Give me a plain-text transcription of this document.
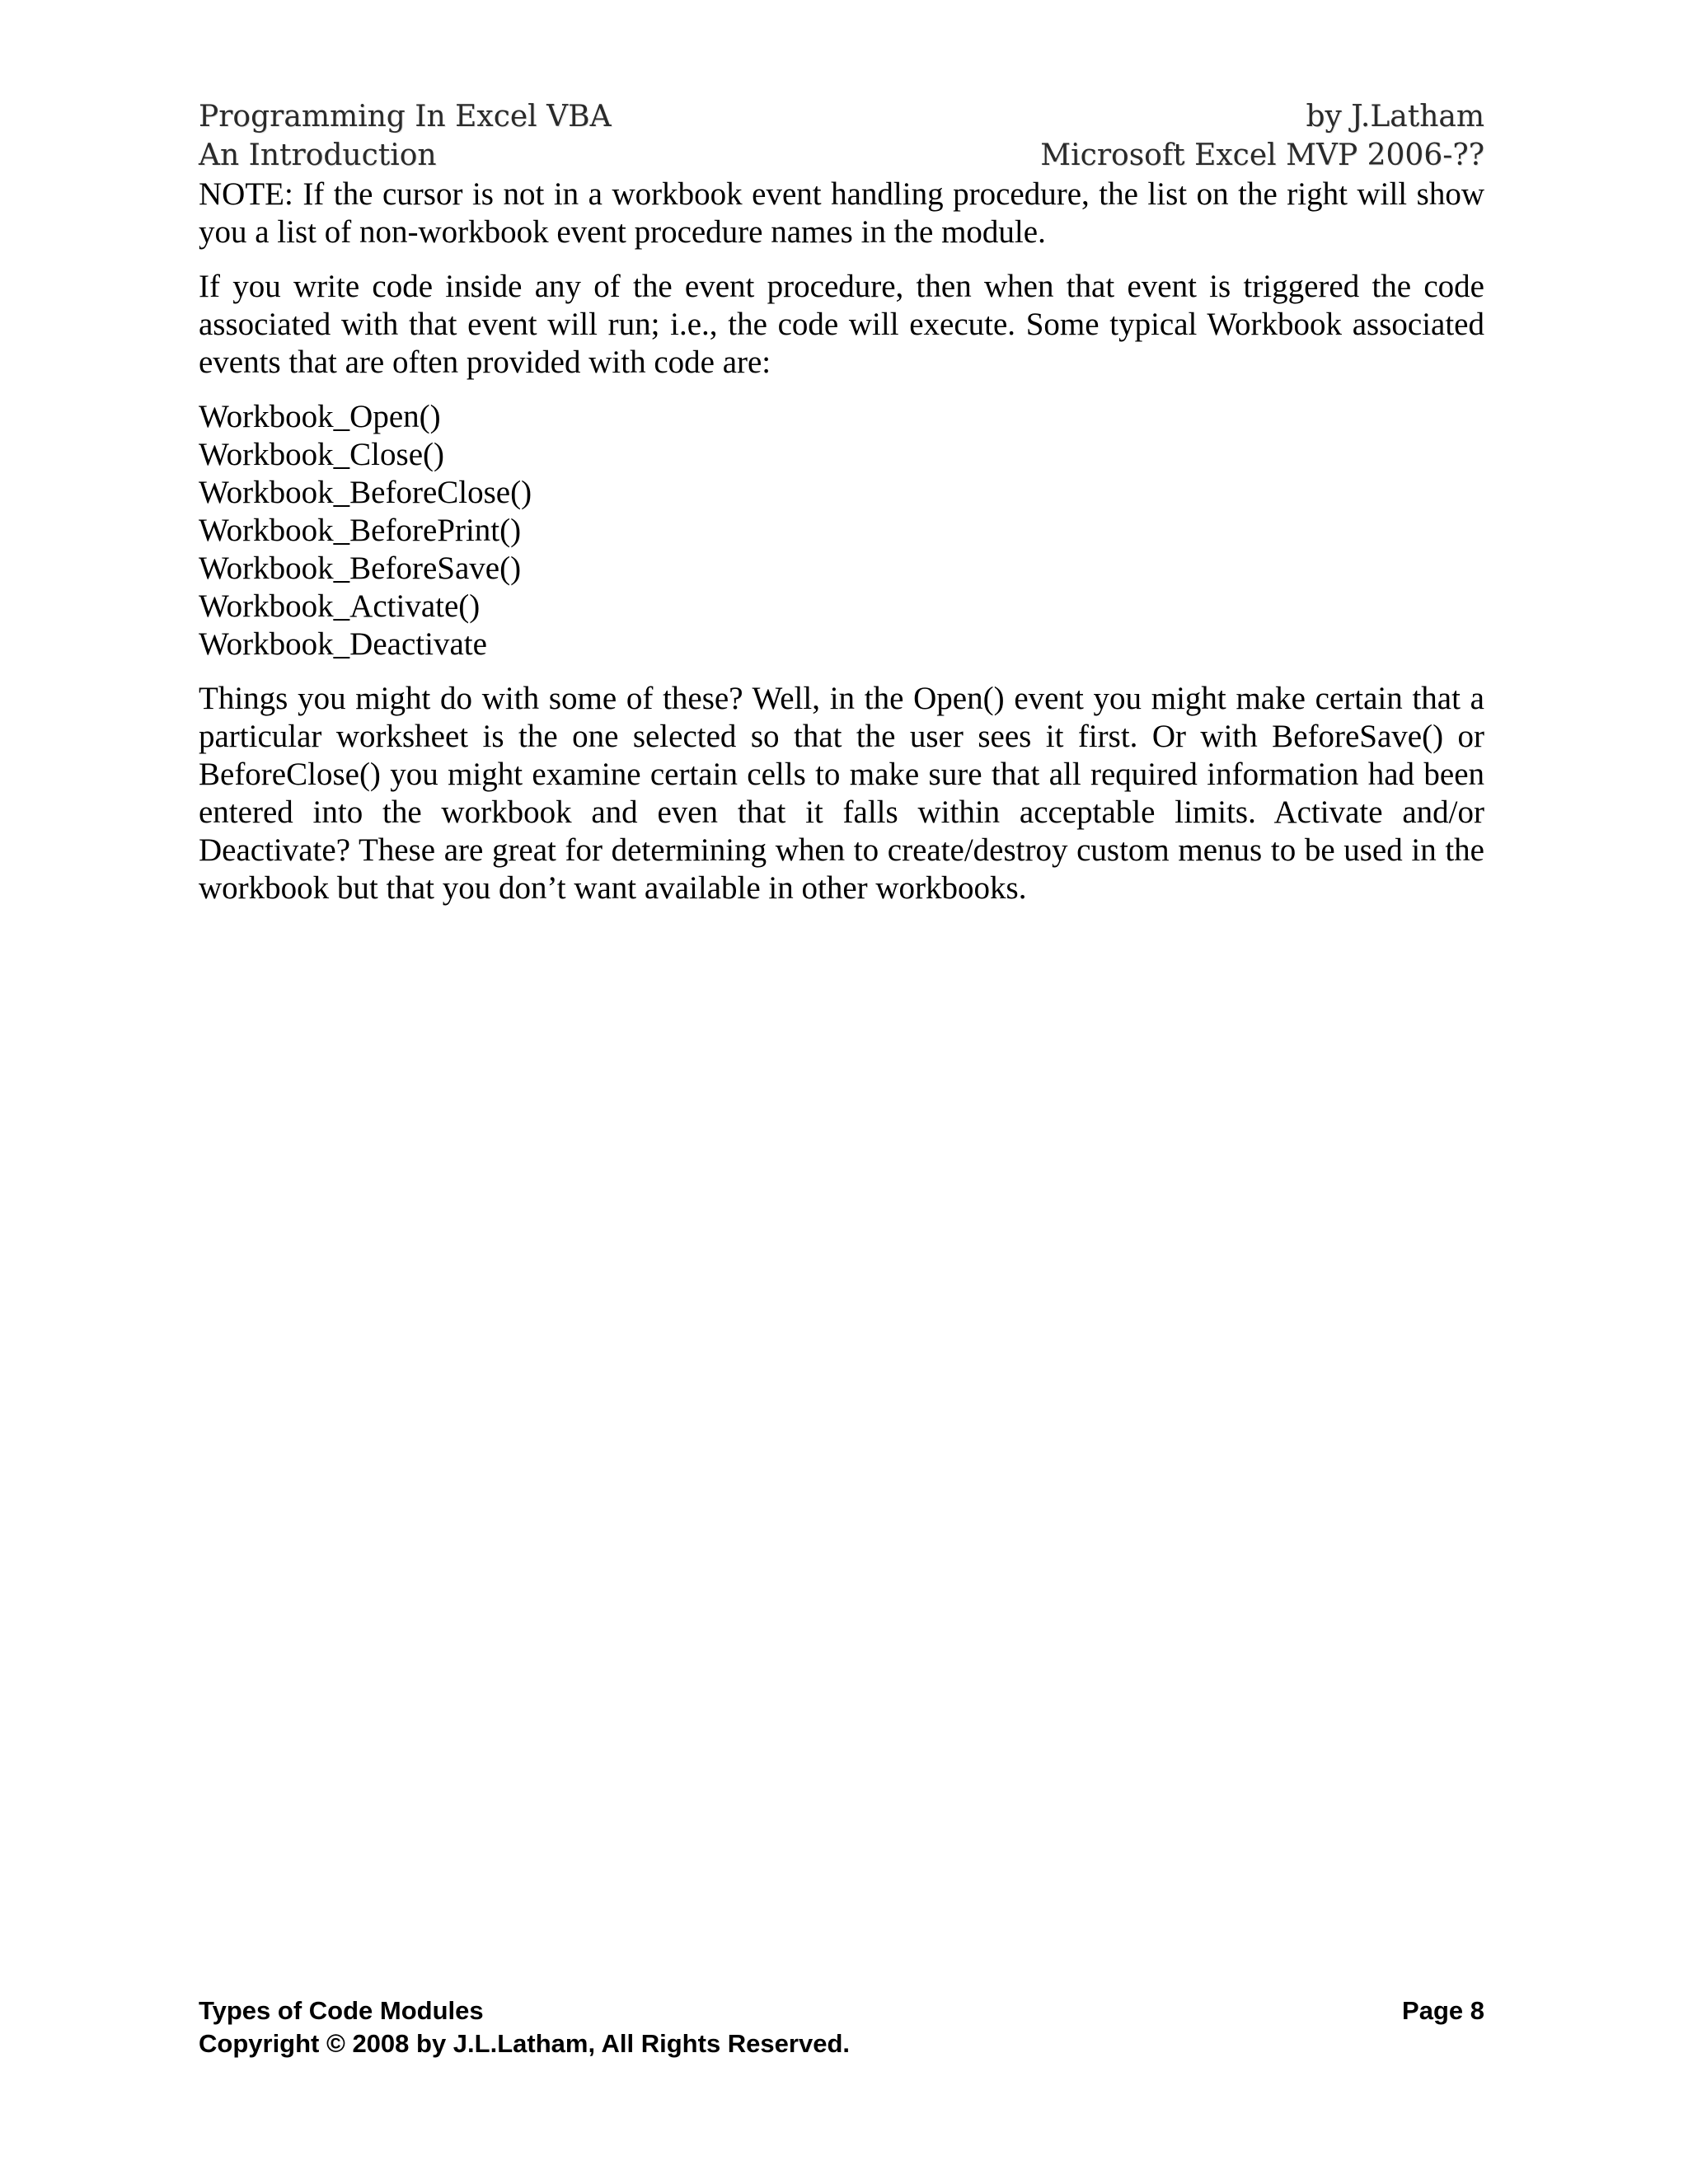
Programming In Excel VBA	by J.Latham
An Introduction	Microsoft Excel MVP 2006-??

NOTE: If the cursor is not in a workbook event handling procedure, the list on the right will show you a list of non-workbook event procedure names in the module.

If you write code inside any of the event procedure, then when that event is triggered the code associated with that event will run; i.e., the code will execute. Some typical Workbook associated events that are often provided with code are:

Workbook_Open()
Workbook_Close()
Workbook_BeforeClose()
Workbook_BeforePrint()
Workbook_BeforeSave()
Workbook_Activate()
Workbook_Deactivate

Things you might do with some of these? Well, in the Open() event you might make certain that a particular worksheet is the one selected so that the user sees it first. Or with BeforeSave() or BeforeClose() you might examine certain cells to make sure that all required information had been entered into the workbook and even that it falls within acceptable limits. Activate and/or Deactivate? These are great for determining when to create/destroy custom menus to be used in the workbook but that you don’t want available in other workbooks.

Types of Code Modules	Page 8
Copyright © 2008 by J.L.Latham, All Rights Reserved.
